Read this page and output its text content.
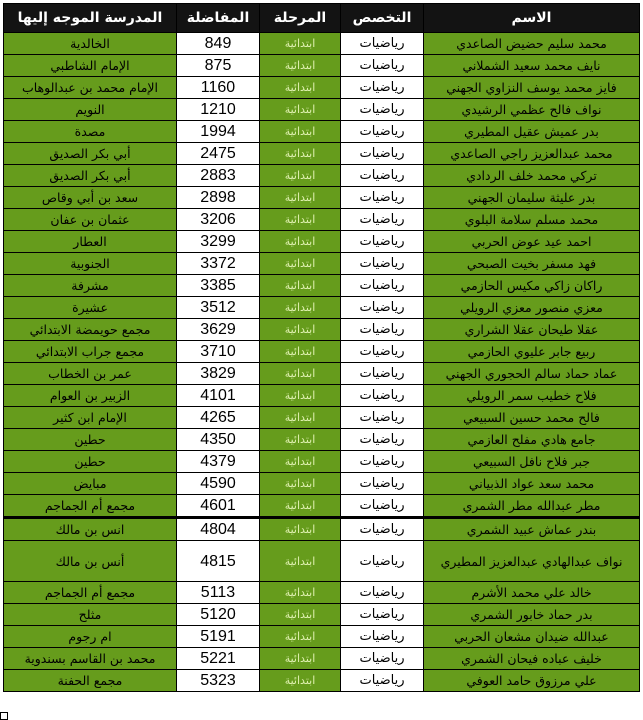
الاسم	التخصص	المرحلة	المفاضلة	المدرسة الموجه إليها
محمد سليم حضيض الصاعدي	رياضيات	ابتدائية	849	الخالدية
نايف محمد سعيد الشملاني	رياضيات	ابتدائية	875	الإمام الشاطبي
فايز محمد يوسف النزاوي الجهني	رياضيات	ابتدائية	1160	الإمام محمد بن عبدالوهاب
نواف فالح عظمي الرشيدي	رياضيات	ابتدائية	1210	النويم
بدر عميش عقيل المطيري	رياضيات	ابتدائية	1994	مصدة
محمد عبدالعزيز راجي الصاعدي	رياضيات	ابتدائية	2475	أبي بكر الصديق
تركي محمد خلف الردادي	رياضيات	ابتدائية	2883	أبي بكر الصديق
بدر عليثة سليمان الجهني	رياضيات	ابتدائية	2898	سعد بن أبي وقاص
محمد مسلم سلامة البلوي	رياضيات	ابتدائية	3206	عثمان بن عفان
احمد عيد عوض الحربي	رياضيات	ابتدائية	3299	العطار
فهد مسفر بخيت الصبحي	رياضيات	ابتدائية	3372	الجنوبية
راكان زاكي مكيس الحازمي	رياضيات	ابتدائية	3385	مشرفة
معزي منصور معزي الرويلي	رياضيات	ابتدائية	3512	عشيرة
عقلا طيحان عقلا الشراري	رياضيات	ابتدائية	3629	مجمع حويمضة الابتدائي
ربيع جابر عليوي الحازمي	رياضيات	ابتدائية	3710	مجمع جراب الابتدائي
عماد حماد سالم الحجوري الجهني	رياضيات	ابتدائية	3829	عمر بن الخطاب
فلاح خطيب سمر الرويلي	رياضيات	ابتدائية	4101	الزبير بن العوام
فالح محمد حسين السبيعي	رياضيات	ابتدائية	4265	الإمام ابن كثير
جامع هادي مفلح العازمي	رياضيات	ابتدائية	4350	حطين
جبر فلاح نافل السبيعي	رياضيات	ابتدائية	4379	حطين
محمد سعد عواد الذبياني	رياضيات	ابتدائية	4590	مبايض
مطر عبدالله مطر الشمري	رياضيات	ابتدائية	4601	مجمع أم الجماجم
بندر عماش عبيد الشمري	رياضيات	ابتدائية	4804	انس بن مالك
نواف عبدالهادي عبدالعزيز المطيري	رياضيات	ابتدائية	4815	أنس بن مالك
خالد علي محمد الأشرم	رياضيات	ابتدائية	5113	مجمع أم الجماجم
بدر حماد خابور الشمري	رياضيات	ابتدائية	5120	مثلح
عبدالله ضيدان مشعان الحربي	رياضيات	ابتدائية	5191	ام رجوم
خليف عباده فيحان الشمري	رياضيات	ابتدائية	5221	محمد بن القاسم بسندوية
علي مرزوق حامد العوفي	رياضيات	ابتدائية	5323	مجمع الحفنة
